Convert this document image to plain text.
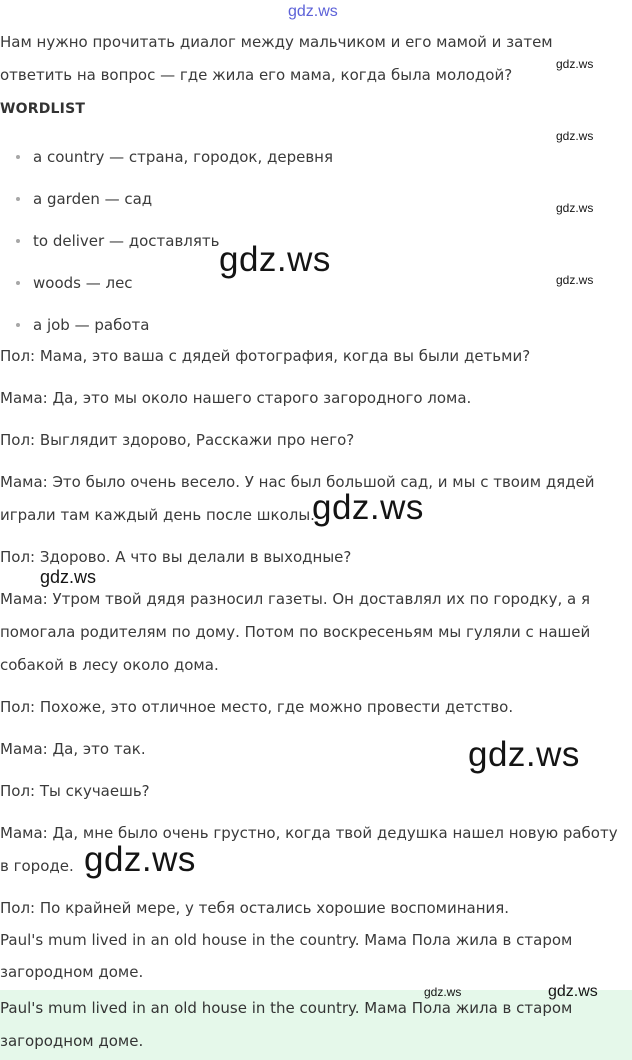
gdz.ws
Нам нужно прочитать диалог между мальчиком и его мамой и затем ответить на вопрос — где жила его мама, когда была молодой?
WORDLIST
a country — страна, городок, деревня
a garden — сад
to deliver — доставлять
woods — лес
a job — работа
Пол: Мама, это ваша с дядей фотография, когда вы были детьми?
Мама: Да, это мы около нашего старого загородного лома.
Пол: Выглядит здорово, Расскажи про него?
Мама: Это было очень весело. У нас был большой сад, и мы с твоим дядей играли там каждый день после школы.
Пол: Здорово. А что вы делали в выходные?
Мама: Утром твой дядя разносил газеты. Он доставлял их по городку, а я помогала родителям по дому. Потом по воскресеньям мы гуляли с нашей собакой в лесу около дома.
Пол: Похоже, это отличное место, где можно провести детство.
Мама: Да, это так.
Пол: Ты скучаешь?
Мама: Да, мне было очень грустно, когда твой дедушка нашел новую работу в городе.
Пол: По крайней мере, у тебя остались хорошие воспоминания.
Paul's mum lived in an old house in the country. Мама Пола жила в старом загородном доме.
Paul's mum lived in an old house in the country. Мама Пола жила в старом загородном доме.
gdz.ws
gdz.ws
gdz.ws
gdz.ws
gdz.ws
gdz.ws
gdz.ws
gdz.ws
gdz.ws
gdz.ws	gdz.ws
